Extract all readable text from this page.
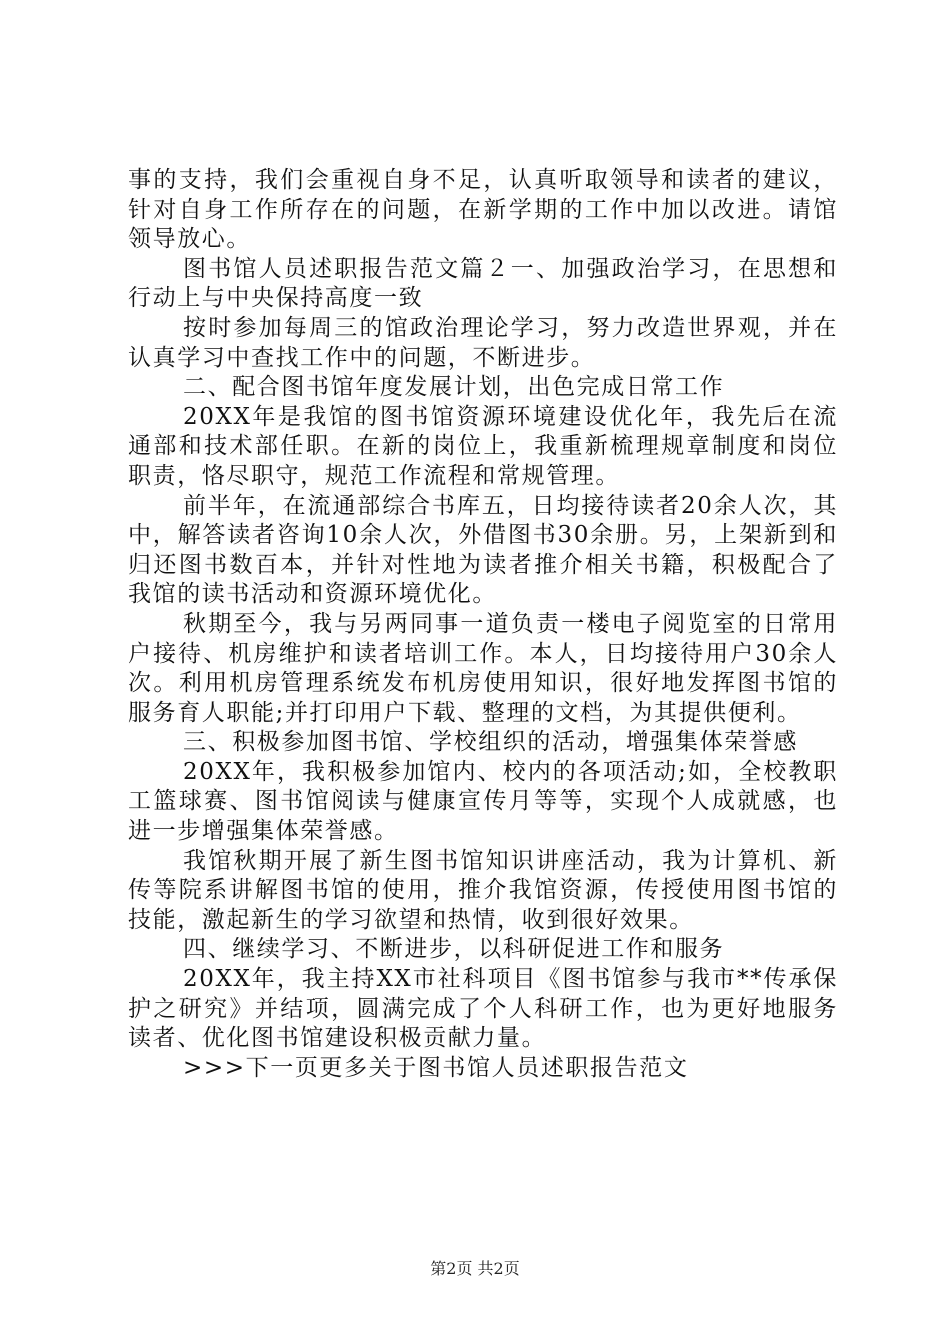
事的支持，我们会重视自身不足，认真听取领导和读者的建议，针对自身工作所存在的问题，在新学期的工作中加以改进。请馆领导放心。

图书馆人员述职报告范文篇２一、加强政治学习，在思想和行动上与中央保持高度一致

按时参加每周三的馆政治理论学习，努力改造世界观，并在认真学习中查找工作中的问题，不断进步。

二、配合图书馆年度发展计划，出色完成日常工作

20XX年是我馆的图书馆资源环境建设优化年，我先后在流通部和技术部任职。在新的岗位上，我重新梳理规章制度和岗位职责，恪尽职守，规范工作流程和常规管理。

前半年，在流通部综合书库五，日均接待读者20余人次，其中，解答读者咨询10余人次，外借图书30余册。另，上架新到和归还图书数百本，并针对性地为读者推介相关书籍，积极配合了我馆的读书活动和资源环境优化。

秋期至今，我与另两同事一道负责一楼电子阅览室的日常用户接待、机房维护和读者培训工作。本人，日均接待用户30余人次。利用机房管理系统发布机房使用知识，很好地发挥图书馆的服务育人职能;并打印用户下载、整理的文档，为其提供便利。

三、积极参加图书馆、学校组织的活动，增强集体荣誉感

20XX年，我积极参加馆内、校内的各项活动;如，全校教职工篮球赛、图书馆阅读与健康宣传月等等，实现个人成就感，也进一步增强集体荣誉感。

我馆秋期开展了新生图书馆知识讲座活动，我为计算机、新传等院系讲解图书馆的使用，推介我馆资源，传授使用图书馆的技能，激起新生的学习欲望和热情，收到很好效果。

四、继续学习、不断进步，以科研促进工作和服务

20XX年，我主持XX市社科项目《图书馆参与我市**传承保护之研究》并结项，圆满完成了个人科研工作，也为更好地服务读者、优化图书馆建设积极贡献力量。

>>>下一页更多关于图书馆人员述职报告范文

第2页 共2页
